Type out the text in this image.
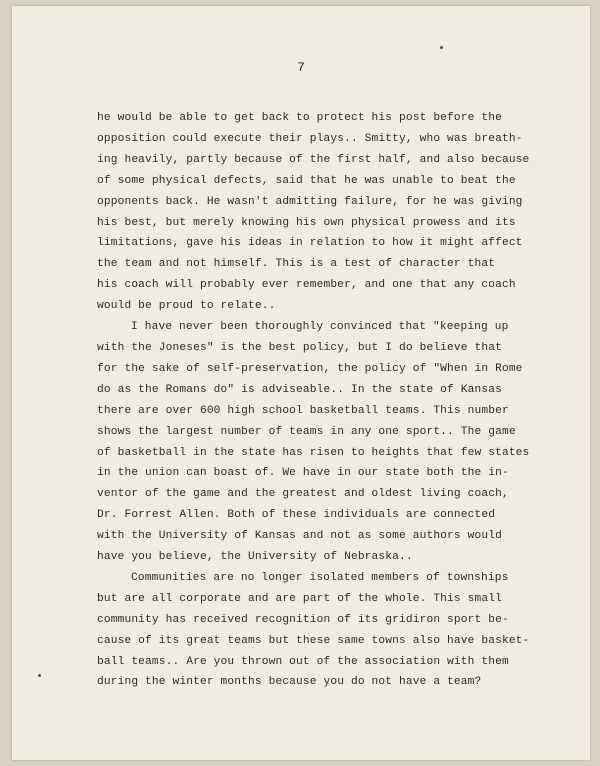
7
he would be able to get back to protect his post before the
opposition could execute their plays.. Smitty, who was breath-
ing heavily, partly because of the first half, and also because
of some physical defects, said that he was unable to beat the
opponents back. He wasn't admitting failure, for he was giving
his best, but merely knowing his own physical prowess and its
limitations, gave his ideas in relation to how it might affect
the team and not himself. This is a test of character that
his coach will probably ever remember, and one that any coach
would be proud to relate..
I have never been thoroughly convinced that "keeping up
with the Joneses" is the best policy, but I do believe that
for the sake of self-preservation, the policy of "When in Rome
do as the Romans do" is adviseable.. In the state of Kansas
there are over 600 high school basketball teams. This number
shows the largest number of teams in any one sport.. The game
of basketball in the state has risen to heights that few states
in the union can boast of. We have in our state both the in-
ventor of the game and the greatest and oldest living coach,
Dr. Forrest Allen. Both of these individuals are connected
with the University of Kansas and not as some authors would
have you believe, the University of Nebraska..
Communities are no longer isolated members of townships
but are all corporate and are part of the whole. This small
community has received recognition of its gridiron sport be-
cause of its great teams but these same towns also have basket-
ball teams.. Are you thrown out of the association with them
during the winter months because you do not have a team?
